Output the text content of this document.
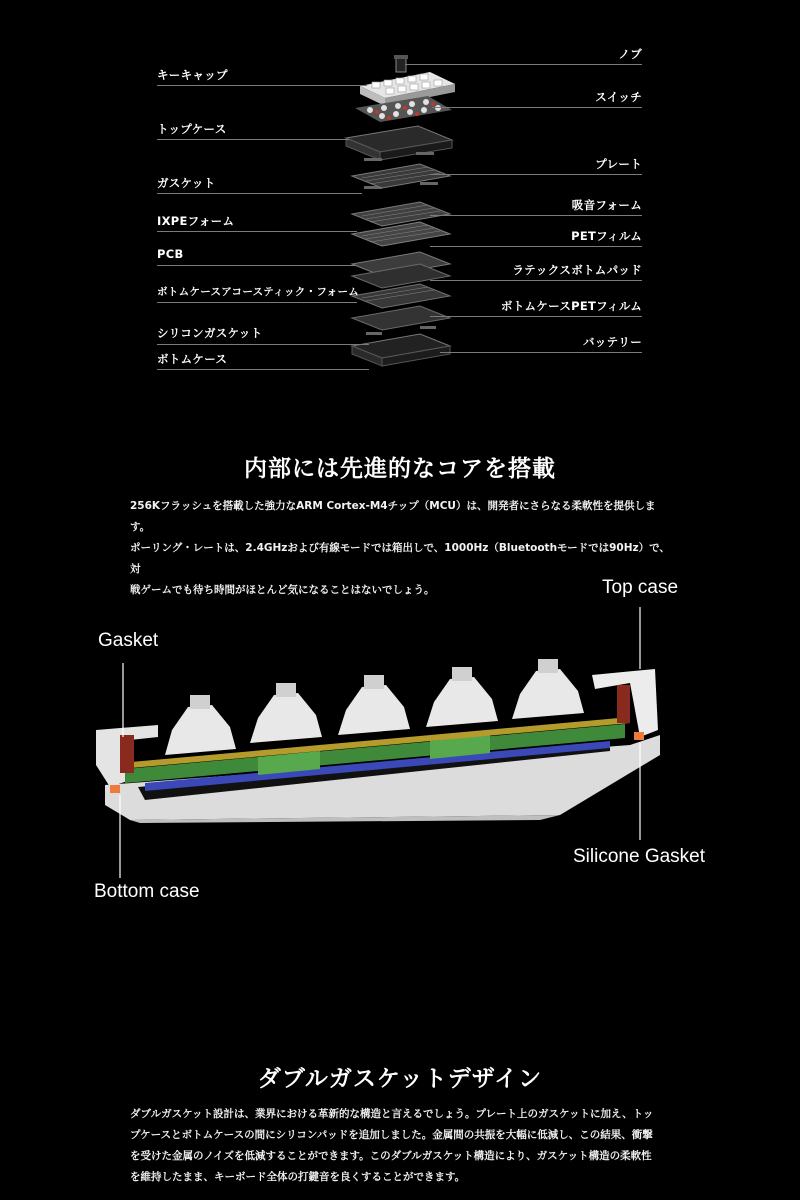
キーキャップ
トップケース
ガスケット
IXPEフォーム
PCB
ボトムケースアコースティック・フォーム
シリコンガスケット
ボトムケース
ノブ
スイッチ
プレート
吸音フォーム
PETフィルム
ラテックスボトムパッド
ボトムケースPETフィルム
バッテリー
内部には先進的なコアを搭載
256Kフラッシュを搭載した強力なARM Cortex-M4チップ（MCU）は、開発者にさらなる柔軟性を提供します。
ポーリング・レートは、2.4GHzおよび有線モードでは箱出しで、1000Hz（Bluetoothモードでは90Hz）で、対
戦ゲームでも待ち時間がほとんど気になることはないでしょう。	Top case
Gasket
Silicone Gasket
Bottom case
ダブルガスケットデザイン
ダブルガスケット設計は、業界における革新的な構造と言えるでしょう。プレート上のガスケットに加え、トッ
プケースとボトムケースの間にシリコンパッドを追加しました。金属間の共振を大幅に低減し、この結果、衝撃
を受けた金属のノイズを低減することができます。このダブルガスケット構造により、ガスケット構造の柔軟性
を維持したまま、キーボード全体の打鍵音を良くすることができます。
